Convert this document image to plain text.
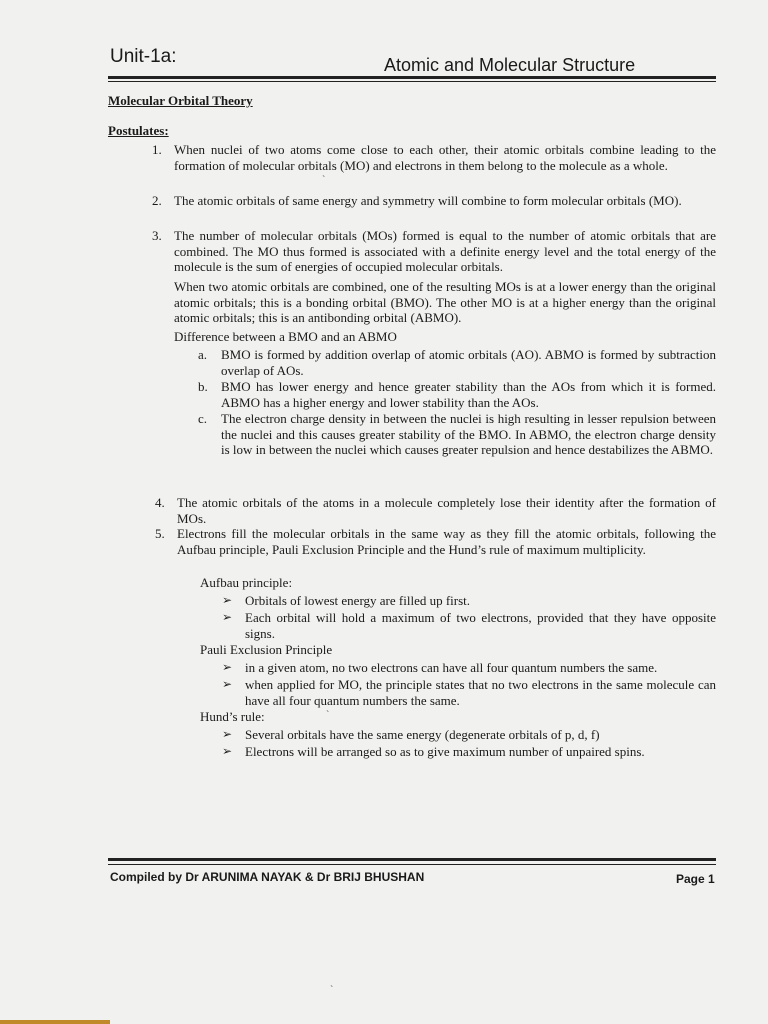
Unit-1a:	Atomic and Molecular Structure
Molecular Orbital Theory
Postulates:
1. When nuclei of two atoms come close to each other, their atomic orbitals combine leading to the formation of molecular orbitals (MO) and electrons in them belong to the molecule as a whole.
2. The atomic orbitals of same energy and symmetry will combine to form molecular orbitals (MO).
3. The number of molecular orbitals (MOs) formed is equal to the number of atomic orbitals that are combined. The MO thus formed is associated with a definite energy level and the total energy of the molecule is the sum of energies of occupied molecular orbitals.
When two atomic orbitals are combined, one of the resulting MOs is at a lower energy than the original atomic orbitals; this is a bonding orbital (BMO). The other MO is at a higher energy than the original atomic orbitals; this is an antibonding orbital (ABMO).
Difference between a BMO and an ABMO
a. BMO is formed by addition overlap of atomic orbitals (AO). ABMO is formed by subtraction overlap of AOs.
b. BMO has lower energy and hence greater stability than the AOs from which it is formed. ABMO has a higher energy and lower stability than the AOs.
c. The electron charge density in between the nuclei is high resulting in lesser repulsion between the nuclei and this causes greater stability of the BMO. In ABMO, the electron charge density is low in between the nuclei which causes greater repulsion and hence destabilizes the ABMO.
4. The atomic orbitals of the atoms in a molecule completely lose their identity after the formation of MOs.
5. Electrons fill the molecular orbitals in the same way as they fill the atomic orbitals, following the Aufbau principle, Pauli Exclusion Principle and the Hund’s rule of maximum multiplicity.
Aufbau principle:
➢ Orbitals of lowest energy are filled up first.
➢ Each orbital will hold a maximum of two electrons, provided that they have opposite signs.
Pauli Exclusion Principle
➢ in a given atom, no two electrons can have all four quantum numbers the same.
➢ when applied for MO, the principle states that no two electrons in the same molecule can have all four quantum numbers the same.
Hund’s rule:
➢ Several orbitals have the same energy (degenerate orbitals of p, d, f)
➢ Electrons will be arranged so as to give maximum number of unpaired spins.
Compiled by Dr ARUNIMA NAYAK & Dr BRIJ BHUSHAN	Page 1
`
`
`
